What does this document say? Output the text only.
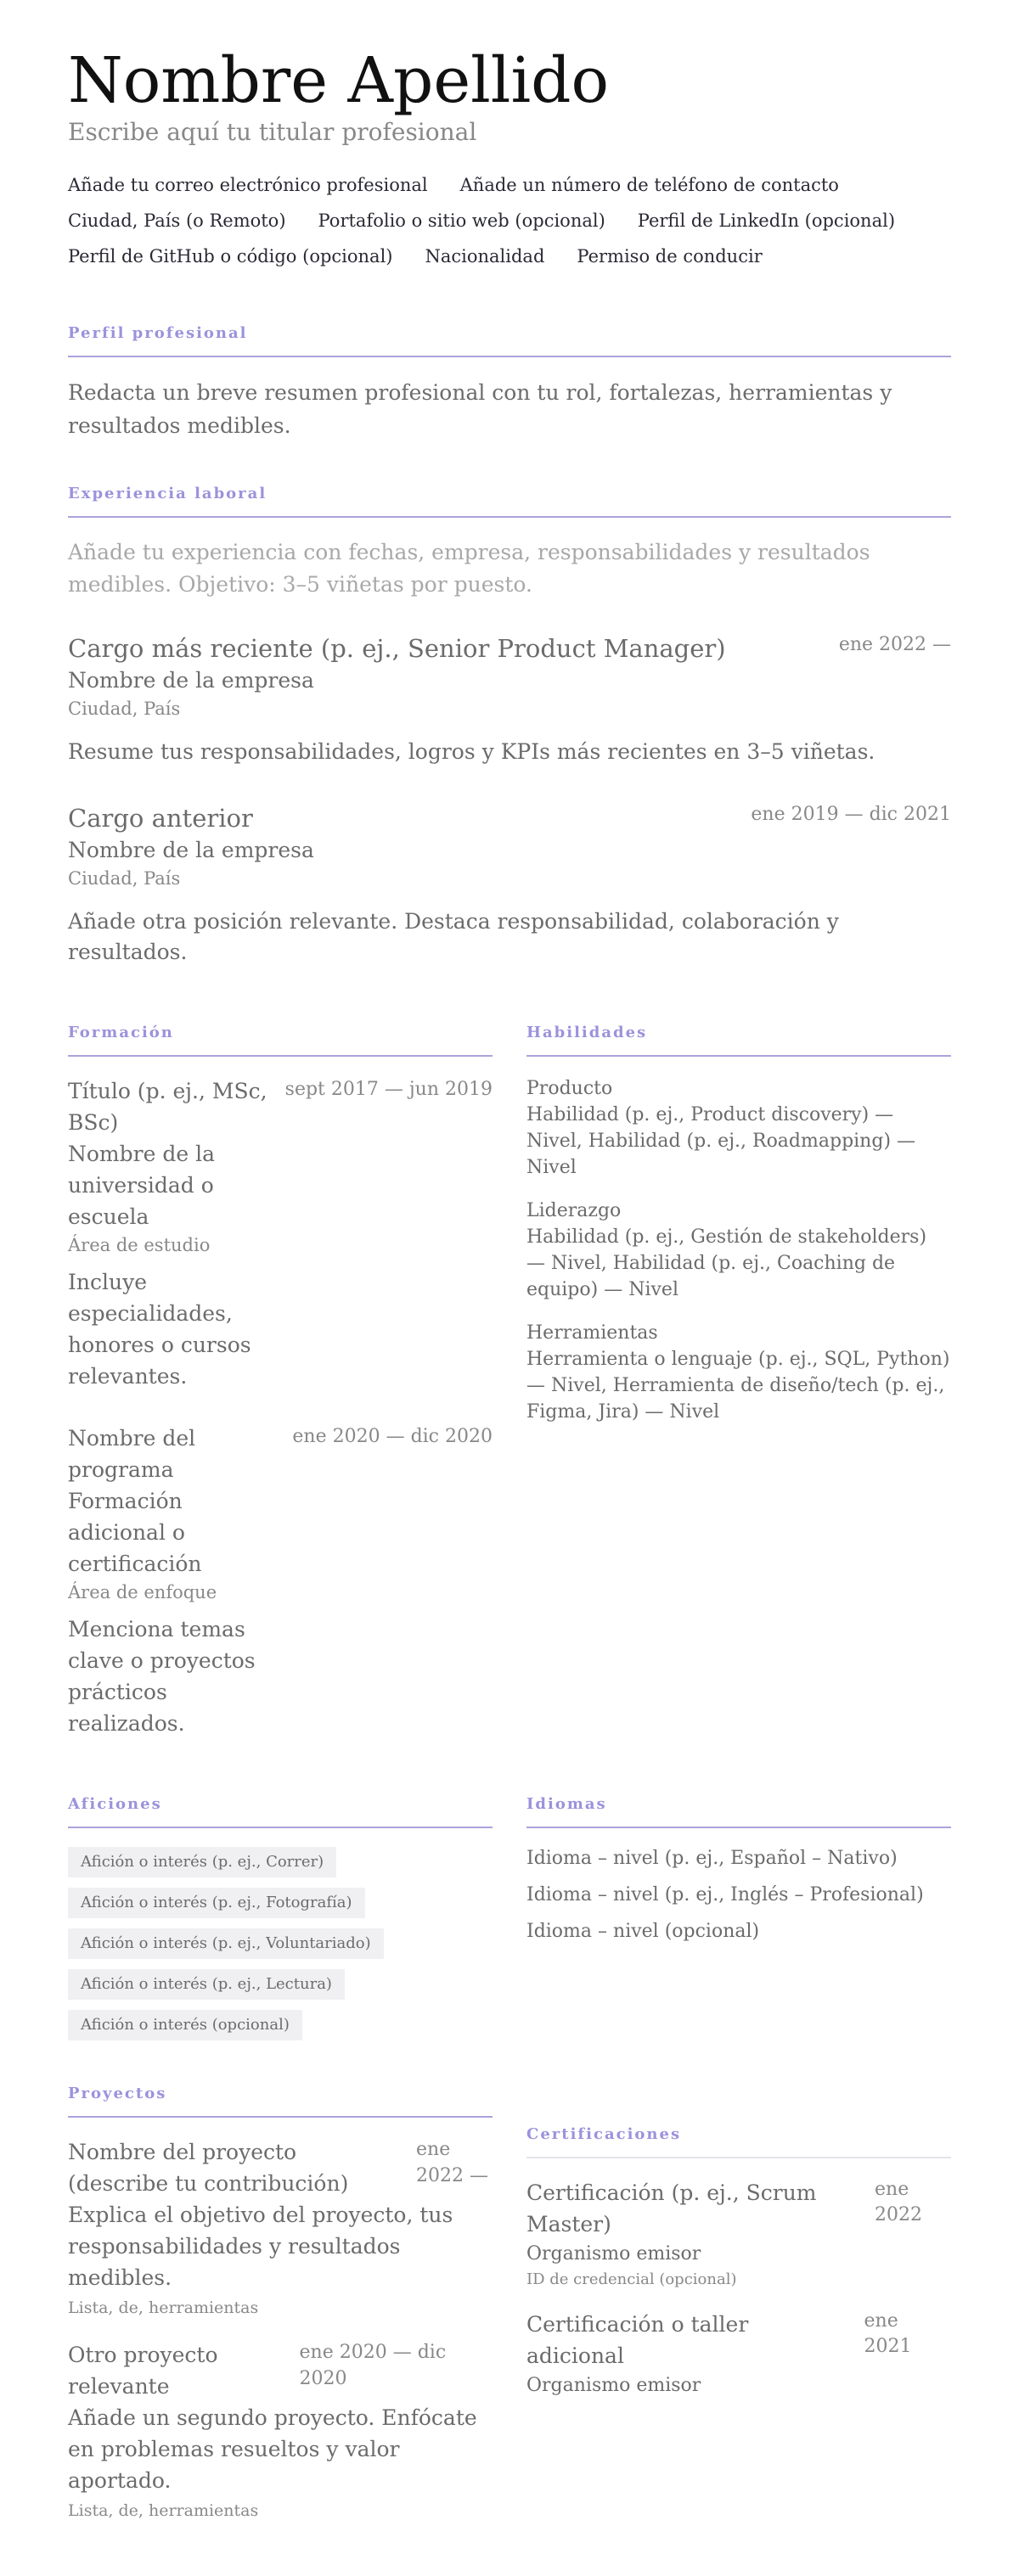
Nombre Apellido
Escribe aquí tu titular profesional
Añade tu correo electrónico profesional Añade un número de teléfono de contacto
Ciudad, País (o Remoto) Portafolio o sitio web (opcional) Perfil de LinkedIn (opcional)
Perfil de GitHub o código (opcional) Nacionalidad Permiso de conducir
Perfil profesional

Redacta un breve resumen profesional con tu rol, fortalezas, herramientas y resultados medibles.

Experiencia laboral

Añade tu experiencia con fechas, empresa, responsabilidades y resultados medibles. Objetivo: 3–5 viñetas por puesto.

Cargo más reciente (p. ej., Senior Product Manager)	ene 2022 —
Nombre de la empresa
Ciudad, País

Resume tus responsabilidades, logros y KPIs más recientes en 3–5 viñetas.

Cargo anterior	ene 2019 — dic 2021
Nombre de la empresa
Ciudad, País

Añade otra posición relevante. Destaca responsabilidad, colaboración y resultados.

Formación
Título (p. ej., MSc, BSc)
sept 2017 — jun 2019
Nombre de la universidad o escuela
Área de estudio

Incluye especialidades, honores o cursos relevantes.

Nombre del programa
ene 2020 — dic 2020
Formación adicional o certificación
Área de enfoque

Menciona temas clave o proyectos prácticos realizados.

Habilidades
Producto
Habilidad (p. ej., Product discovery) — Nivel, Habilidad (p. ej., Roadmapping) — Nivel
Liderazgo
Habilidad (p. ej., Gestión de stakeholders) — Nivel, Habilidad (p. ej., Coaching de equipo) — Nivel
Herramientas
Herramienta o lenguaje (p. ej., SQL, Python) — Nivel, Herramienta de diseño/tech (p. ej., Figma, Jira) — Nivel
Aficiones
Afición o interés (p. ej., Correr)
Afición o interés (p. ej., Fotografía)
Afición o interés (p. ej., Voluntariado)
Afición o interés (p. ej., Lectura)
Afición o interés (opcional)
Idiomas
Idioma – nivel (p. ej., Español – Nativo)
Idioma – nivel (p. ej., Inglés – Profesional)
Idioma – nivel (opcional)
Proyectos
Nombre del proyecto (describe tu contribución)
ene 2022 —

Explica el objetivo del proyecto, tus responsabilidades y resultados medibles.

Lista, de, herramientas
Otro proyecto relevante
ene 2020 — dic 2020

Añade un segundo proyecto. Enfócate en problemas resueltos y valor aportado.

Lista, de, herramientas
Certificaciones
Certificación (p. ej., Scrum Master)
ene 2022
Organismo emisor
ID de credencial (opcional)
Certificación o taller adicional
ene 2021
Organismo emisor
